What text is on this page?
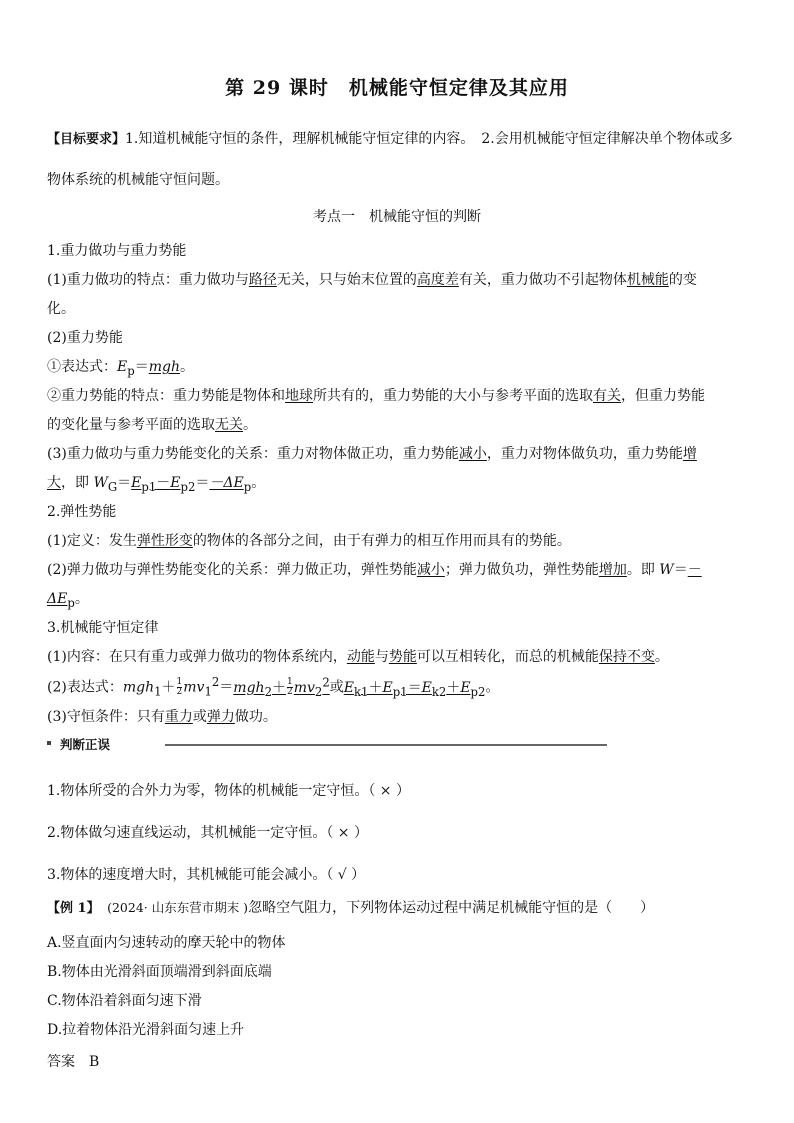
第 29 课时　机械能守恒定律及其应用
【目标要求】1.知道机械能守恒的条件，理解机械能守恒定律的内容。　2.会用机械能守恒定律解决单个物体或多
物体系统的机械能守恒问题。
考点一　机械能守恒的判断
1.重力做功与重力势能
(1)重力做功的特点：重力做功与路径无关，只与始末位置的高度差有关，重力做功不引起物体机械能的变
化。
(2)重力势能
①表达式：$E_p=mgh$。
②重力势能的特点：重力势能是物体和地球所共有的，重力势能的大小与参考平面的选取有关，但重力势能
的变化量与参考平面的选取无关。
(3)重力做功与重力势能变化的关系：重力对物体做正功，重力势能减小，重力对物体做负功，重力势能增
大，即 $W_G=E_{p1}-E_{p2}=-\Delta E_p$。
2.弹性势能
(1)定义：发生弹性形变的物体的各部分之间，由于有弹力的相互作用而具有的势能。
(2)弹力做功与弹性势能变化的关系：弹力做正功，弹性势能减小；弹力做负功，弹性势能增加。即 W＝－
$\Delta E_p$。
3.机械能守恒定律
(1)内容：在只有重力或弹力做功的物体系统内，动能与势能可以互相转化，而总的机械能保持不变。
(2)表达式：$mgh_1+ \frac{1}{2} mv_1^2=mgh_2+ \frac{1}{2} mv_2^2$或$E_{k1}+E_{p1}=E_{k2}+E_{p2}$。
(3)守恒条件：只有重力或弹力做功。
判断正误
1.物体所受的合外力为零，物体的机械能一定守恒。（ × ）
2.物体做匀速直线运动，其机械能一定守恒。（ × ）
3.物体的速度增大时，其机械能可能会减小。（ √ ）
【例 1】　 (2024· 山东东营市期末 )忽略空气阻力，下列物体运动过程中满足机械能守恒的是（　　）
A.竖直面内匀速转动的摩天轮中的物体
B.物体由光滑斜面顶端滑到斜面底端
C.物体沿着斜面匀速下滑
D.拉着物体沿光滑斜面匀速上升
答案　 B
